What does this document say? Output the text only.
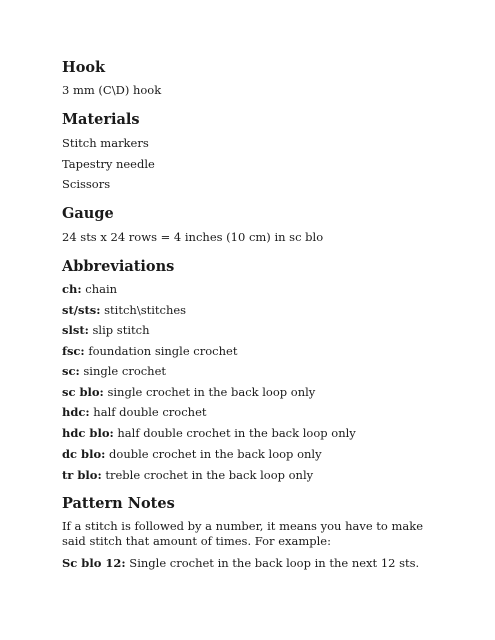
Hook
3 mm (C\D) hook
Materials
Stitch markers
Tapestry needle
Scissors
Gauge
24 sts x 24 rows = 4 inches (10 cm) in sc blo
Abbreviations
ch: chain
st/sts: stitch\stitches
slst: slip stitch
fsc: foundation single crochet
sc: single crochet
sc blo: single crochet in the back loop only
hdc: half double crochet
hdc blo: half double crochet in the back loop only
dc blo: double crochet in the back loop only
tr blo: treble crochet in the back loop only
Pattern Notes
If a stitch is followed by a number, it means you have to make said stitch that amount of times. For example:
Sc blo 12: Single crochet in the back loop in the next 12 sts.
